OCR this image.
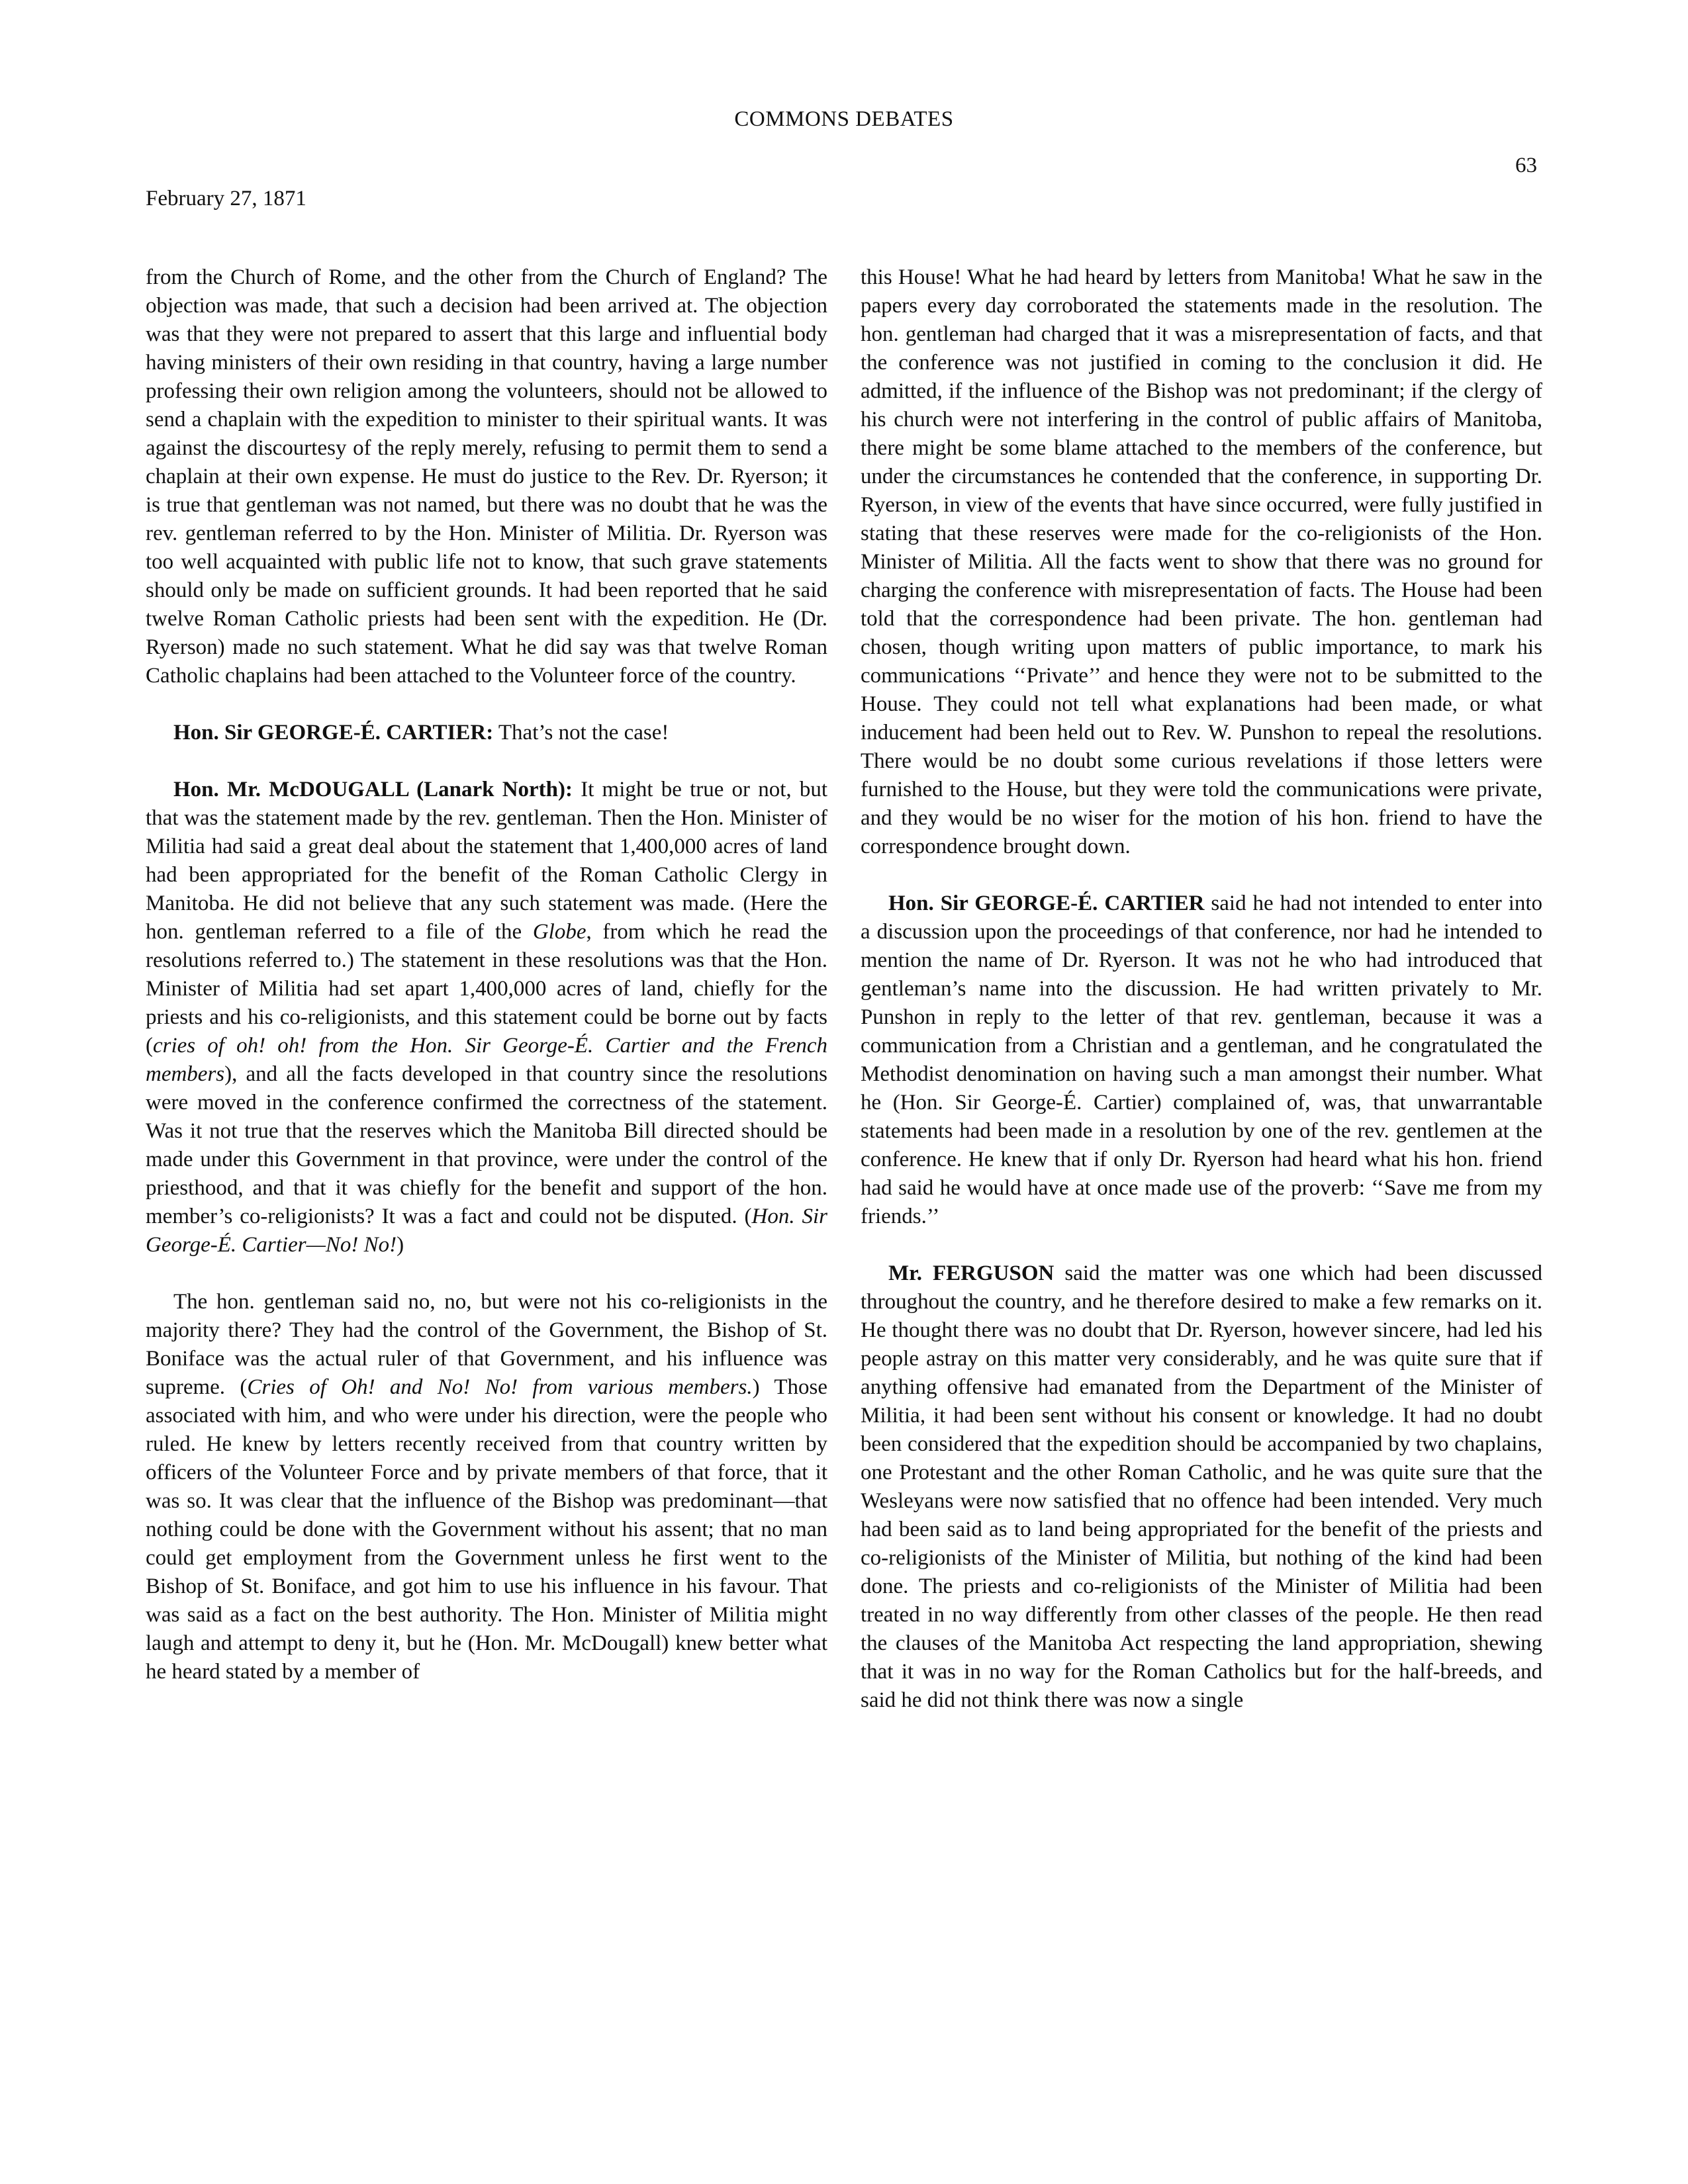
COMMONS DEBATES
63
February 27, 1871

from the Church of Rome, and the other from the Church of England? The objection was made, that such a decision had been arrived at. The objection was that they were not prepared to assert that this large and influential body having ministers of their own residing in that country, having a large number professing their own religion among the volunteers, should not be allowed to send a chaplain with the expedition to minister to their spiritual wants. It was against the discourtesy of the reply merely, refusing to permit them to send a chaplain at their own expense. He must do justice to the Rev. Dr. Ryerson; it is true that gentleman was not named, but there was no doubt that he was the rev. gentleman referred to by the Hon. Minister of Militia. Dr. Ryerson was too well acquainted with public life not to know, that such grave statements should only be made on sufficient grounds. It had been reported that he said twelve Roman Catholic priests had been sent with the expedition. He (Dr. Ryerson) made no such statement. What he did say was that twelve Roman Catholic chaplains had been attached to the Volunteer force of the country.

Hon. Sir GEORGE-É. CARTIER: That’s not the case!

Hon. Mr. McDOUGALL (Lanark North): It might be true or not, but that was the statement made by the rev. gentleman. Then the Hon. Minister of Militia had said a great deal about the statement that 1,400,000 acres of land had been appropriated for the benefit of the Roman Catholic Clergy in Manitoba. He did not believe that any such statement was made. (Here the hon. gentleman referred to a file of the Globe, from which he read the resolutions referred to.) The statement in these resolutions was that the Hon. Minister of Militia had set apart 1,400,000 acres of land, chiefly for the priests and his co-religionists, and this statement could be borne out by facts (cries of oh! oh! from the Hon. Sir George-É. Cartier and the French members), and all the facts developed in that country since the resolutions were moved in the conference confirmed the correctness of the statement. Was it not true that the reserves which the Manitoba Bill directed should be made under this Government in that province, were under the control of the priesthood, and that it was chiefly for the benefit and support of the hon. member’s co-religionists? It was a fact and could not be disputed. (Hon. Sir George-É. Cartier—No! No!)

The hon. gentleman said no, no, but were not his co-religionists in the majority there? They had the control of the Government, the Bishop of St. Boniface was the actual ruler of that Government, and his influence was supreme. (Cries of Oh! and No! No! from various members.) Those associated with him, and who were under his direction, were the people who ruled. He knew by letters recently received from that country written by officers of the Volunteer Force and by private members of that force, that it was so. It was clear that the influence of the Bishop was predominant—that nothing could be done with the Government without his assent; that no man could get employment from the Government unless he first went to the Bishop of St. Boniface, and got him to use his influence in his favour. That was said as a fact on the best authority. The Hon. Minister of Militia might laugh and attempt to deny it, but he (Hon. Mr. McDougall) knew better what he heard stated by a member of

this House! What he had heard by letters from Manitoba! What he saw in the papers every day corroborated the statements made in the resolution. The hon. gentleman had charged that it was a misrepresentation of facts, and that the conference was not justified in coming to the conclusion it did. He admitted, if the influence of the Bishop was not predominant; if the clergy of his church were not interfering in the control of public affairs of Manitoba, there might be some blame attached to the members of the conference, but under the circumstances he contended that the conference, in supporting Dr. Ryerson, in view of the events that have since occurred, were fully justified in stating that these reserves were made for the co-religionists of the Hon. Minister of Militia. All the facts went to show that there was no ground for charging the conference with misrepresentation of facts. The House had been told that the correspondence had been private. The hon. gentleman had chosen, though writing upon matters of public importance, to mark his communications ‘‘Private’’ and hence they were not to be submitted to the House. They could not tell what explanations had been made, or what inducement had been held out to Rev. W. Punshon to repeal the resolutions. There would be no doubt some curious revelations if those letters were furnished to the House, but they were told the communications were private, and they would be no wiser for the motion of his hon. friend to have the correspondence brought down.

Hon. Sir GEORGE-É. CARTIER said he had not intended to enter into a discussion upon the proceedings of that conference, nor had he intended to mention the name of Dr. Ryerson. It was not he who had introduced that gentleman’s name into the discussion. He had written privately to Mr. Punshon in reply to the letter of that rev. gentleman, because it was a communication from a Christian and a gentleman, and he congratulated the Methodist denomination on having such a man amongst their number. What he (Hon. Sir George-É. Cartier) complained of, was, that unwarrantable statements had been made in a resolution by one of the rev. gentlemen at the conference. He knew that if only Dr. Ryerson had heard what his hon. friend had said he would have at once made use of the proverb: ‘‘Save me from my friends.’’

Mr. FERGUSON said the matter was one which had been discussed throughout the country, and he therefore desired to make a few remarks on it. He thought there was no doubt that Dr. Ryerson, however sincere, had led his people astray on this matter very considerably, and he was quite sure that if anything offensive had emanated from the Department of the Minister of Militia, it had been sent without his consent or knowledge. It had no doubt been considered that the expedition should be accompanied by two chaplains, one Protestant and the other Roman Catholic, and he was quite sure that the Wesleyans were now satisfied that no offence had been intended. Very much had been said as to land being appropriated for the benefit of the priests and co-religionists of the Minister of Militia, but nothing of the kind had been done. The priests and co-religionists of the Minister of Militia had been treated in no way differently from other classes of the people. He then read the clauses of the Manitoba Act respecting the land appropriation, shewing that it was in no way for the Roman Catholics but for the half-breeds, and said he did not think there was now a single
